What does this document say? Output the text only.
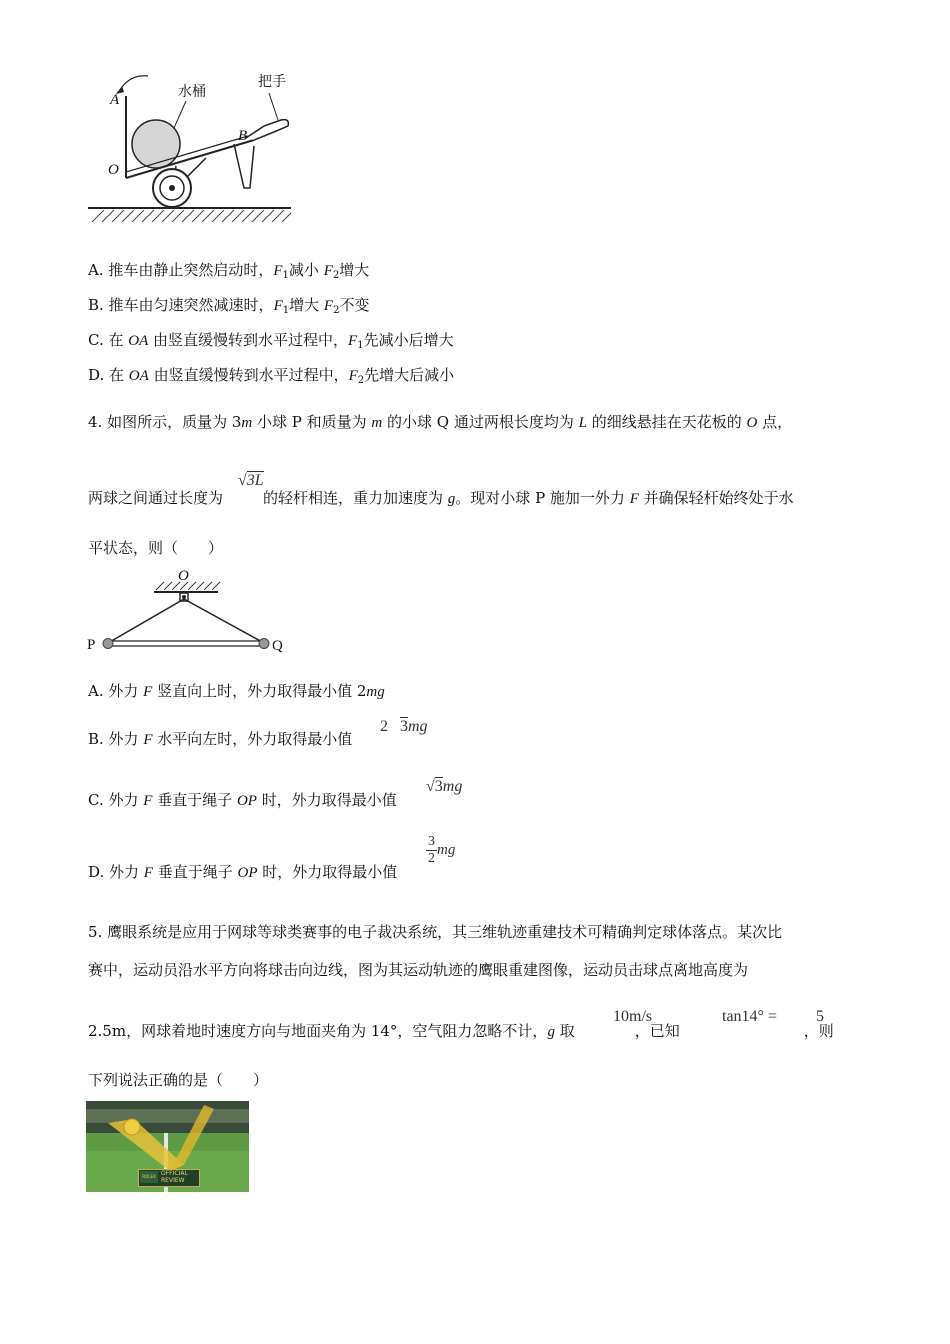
A
O
B
水桶
把手
A. 推车由静止突然启动时，$F_1$减小 $F_2$增大
B. 推车由匀速突然减速时，$F_1$增大 $F_2$不变
C. 在 OA 由竖直缓慢转到水平过程中，$F_1$先减小后增大
D. 在 OA 由竖直缓慢转到水平过程中，$F_2$先增大后减小
4. 如图所示，质量为 3m 小球 P 和质量为 m 的小球 Q 通过两根长度均为 L 的细线悬挂在天花板的 O 点，
两球之间通过长度为	的轻杆相连，重力加速度为 g。现对小球 P 施加一外力 F 并确保轻杆始终处于水
√3L
平状态，则（　　）
O
P	Q
A. 外力 F 竖直向上时，外力取得最小值 2mg
B. 外力 F 水平向左时，外力取得最小值
2 3mg
C. 外力 F 垂直于绳子 OP 时，外力取得最小值
√3mg
D. 外力 F 垂直于绳子 OP 时，外力取得最小值
$\frac{3}{2}$ mg
5. 鹰眼系统是应用于网球等球类赛事的电子裁决系统，其三维轨迹重建技术可精确判定球体落点。某次比
赛中，运动员沿水平方向将球击向边线，图为其运动轨迹的鹰眼重建图像，运动员击球点离地高度为
2.5m，网球着地时速度方向与地面夹角为 14°，空气阻力忽略不计，g 取	，已知	，则
10m/s	tan14° = 5
下列说法正确的是（　　）
ROLEX OFFICIAL
REVIEW
